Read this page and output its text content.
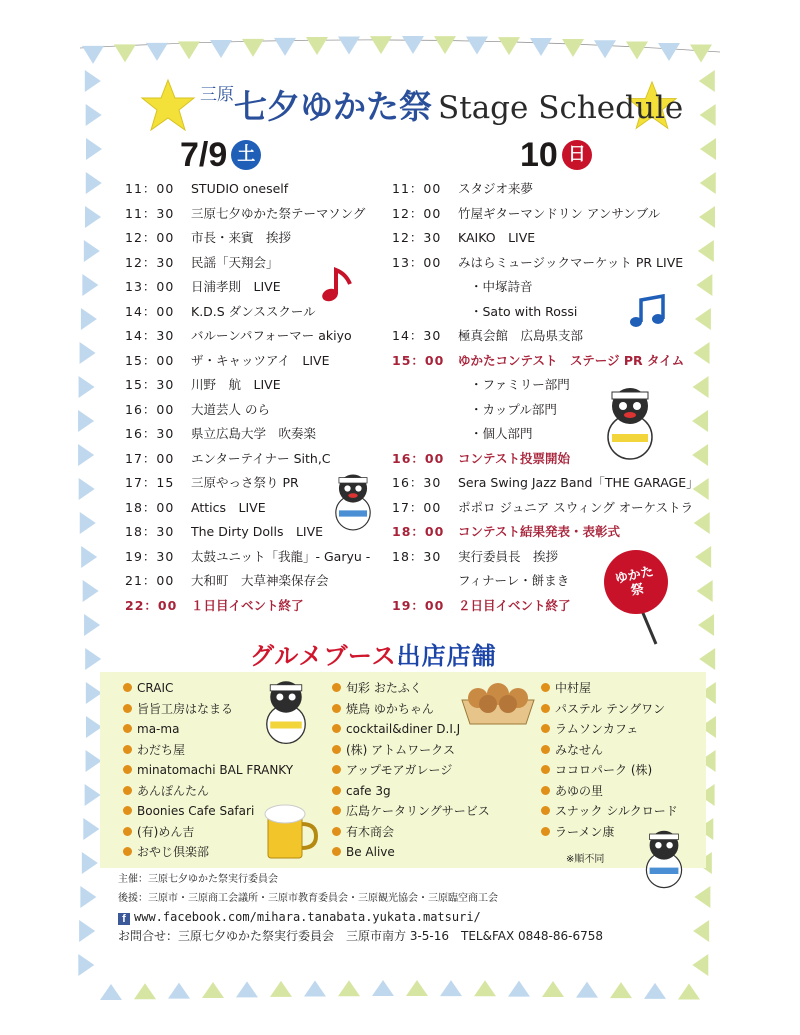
三原七夕ゆかた祭 Stage Schedule
7/9 土	10 日
11：00 STUDIO oneself
11：30 三原七夕ゆかた祭テーマソング
12：00 市長・来賓　挨拶
12：30 民謡「天翔会」
13：00 日浦孝則　LIVE
14：00 K.D.S ダンススクール
14：30 バルーンパフォーマー akiyo
15：00 ザ・キャッツアイ　LIVE
15：30 川野　航　LIVE
16：00 大道芸人 のら
16：30 県立広島大学　吹奏楽
17：00 エンターテイナー Sith,C
17：15 三原やっさ祭り PR
18：00 Attics　LIVE
18：30 The Dirty Dolls　LIVE
19：30 太鼓ユニット「我龍」- Garyu -
21：00 大和町　大草神楽保存会
22：00 １日目イベント終了
11：00 スタジオ来夢
12：00 竹屋ギターマンドリン アンサンブル
12：30 KAIKO　LIVE
13：00 みはらミュージックマーケット PR LIVE
・中塚詩音
・Sato with Rossi
14：30 極真会館　広島県支部
15：00 ゆかたコンテスト　ステージ PR タイム
・ファミリー部門
・カップル部門
・個人部門
16：00 コンテスト投票開始
16：30 Sera Swing Jazz Band「THE GARAGE」
17：00 ポポロ ジュニア スウィング オーケストラ
18：00 コンテスト結果発表・表彰式
18：30 実行委員長　挨拶
フィナーレ・餅まき
19：00 ２日目イベント終了
ゆかた祭
グルメブース出店店舗
CRAIC
旨旨工房はなまる
ma-ma
わだち屋
minatomachi BAL FRANKY
あんぽんたん
Boonies Cafe Safari
(有)めん吉
おやじ倶楽部
旬彩 おたふく
焼鳥 ゆかちゃん
cocktail&diner D.I.J
(株) アトムワークス
アップモアガレージ
cafe 3g
広島ケータリングサービス
有木商会
Be Alive
中村屋
パステル テングワン
ラムソンカフェ
みなせん
ココロパーク (株)
あゆの里
スナック シルクロード
ラーメン康
※順不同
主催：三原七夕ゆかた祭実行委員会
後援：三原市・三原商工会議所・三原市教育委員会・三原観光協会・三原臨空商工会
f www.facebook.com/mihara.tanabata.yukata.matsuri/
お問合せ：三原七夕ゆかた祭実行委員会　三原市南方 3-5-16　TEL&FAX 0848-86-6758
